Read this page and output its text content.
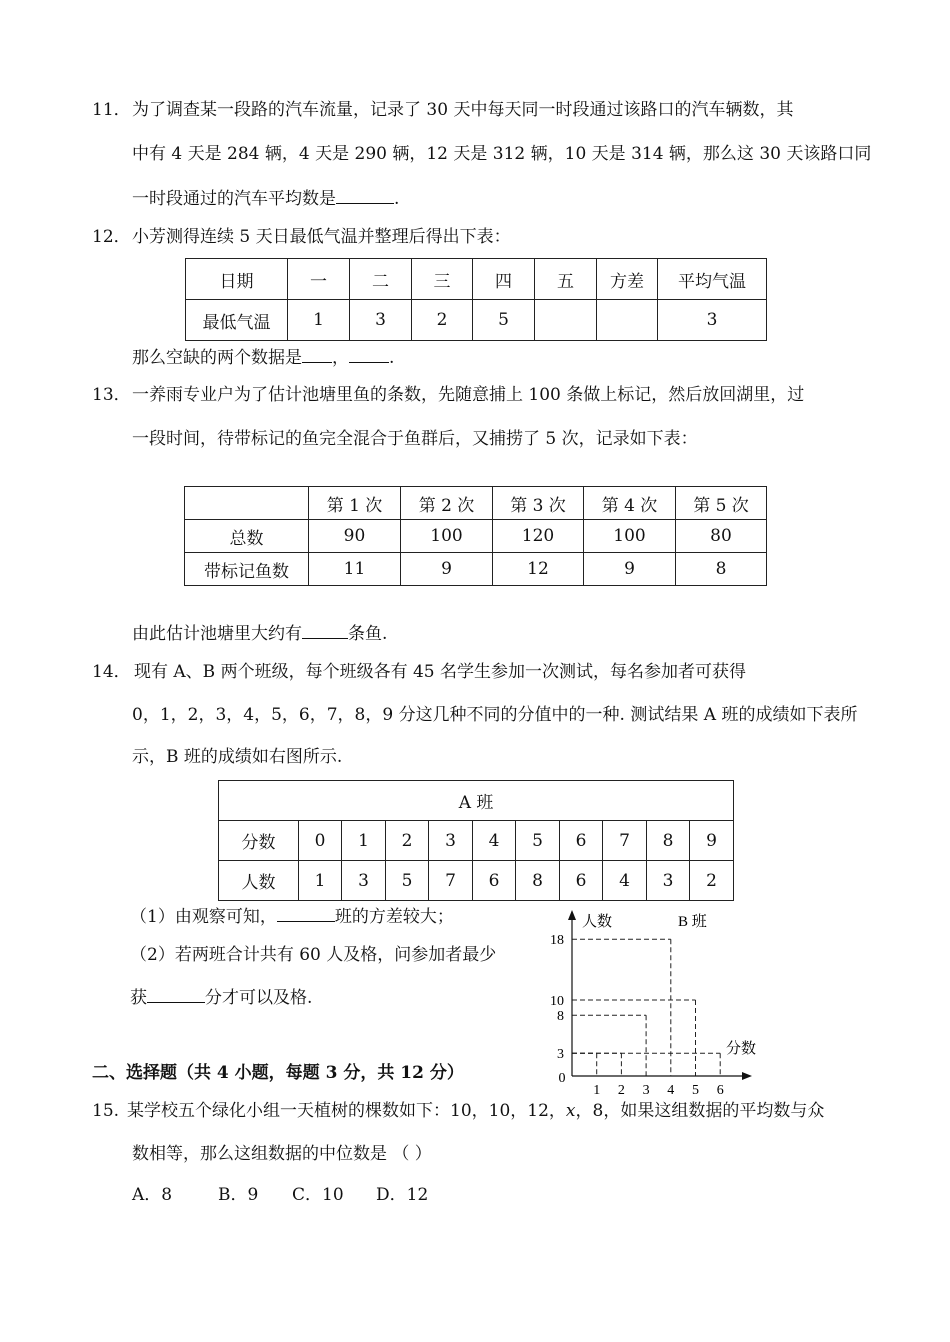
11． 为了调查某一段路的汽车流量，记录了 30 天中每天同一时段通过该路口的汽车辆数，其
中有 4 天是 284 辆，4 天是 290 辆，12 天是 312 辆，10 天是 314 辆，那么这 30 天该路口同
一时段通过的汽车平均数是	.
12． 小芳测得连续 5 天日最低气温并整理后得出下表：
日期	一	二	三	四	五	方差	平均气温
最低气温	1	3	2	5			3
那么空缺的两个数据是 ， .
13． 一养雨专业户为了估计池塘里鱼的条数，先随意捕上 100 条做上标记，然后放回湖里，过
一段时间，待带标记的鱼完全混合于鱼群后，又捕捞了 5 次，记录如下表：
	第 1 次	第 2 次	第 3 次	第 4 次	第 5 次
总数	90	100	120	100	80
带标记鱼数	11	9	12	9	8
由此估计池塘里大约有	条鱼.
14． 现有 A、B 两个班级，每个班级各有 45 名学生参加一次测试，每名参加者可获得
0，1，2，3，4，5，6，7，8，9 分这几种不同的分值中的一种. 测试结果 A 班的成绩如下表所
示，B 班的成绩如右图所示.
A 班										
分数	0	1	2	3	4	5	6	7	8	9
人数	1	3	5	7	6	8	6	4	3	2
（1）由观察可知，	班的方差较大；
（2）若两班合计共有 60 人及格，问参加者最少
获	分才可以及格.
人数	B 班
分数
0
1 2 3 4 5 6
3
8
10
18
二、选择题（共 4 小题，每题 3 分，共 12 分）
15. 某学校五个绿化小组一天植树的棵数如下：10，10，12，x，8，如果这组数据的平均数与众
数相等，那么这组数据的中位数是 （ ）
A．8	B．9 C．10 D．12
